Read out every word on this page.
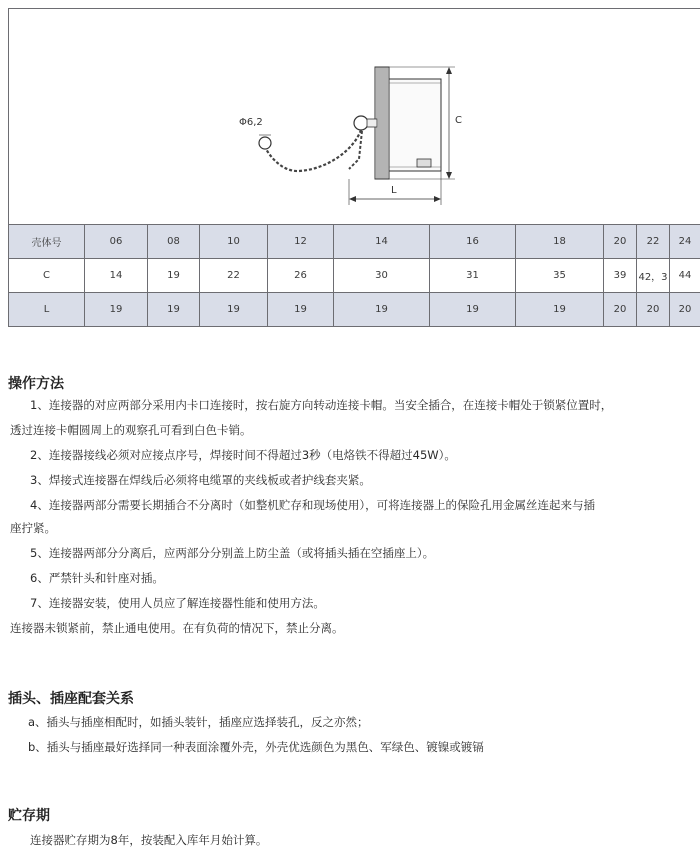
Φ6,2	C
L
壳体号	06	08	10	12	14	16	18	20	22	24
C	14	19	22	26	30	31	35	39	42，3	44
L	19	19	19	19	19	19	19	20	20	20
操作方法
1、连接器的对应两部分采用内卡口连接时，按右旋方向转动连接卡帽。当安全插合，在连接卡帽处于锁紧位置时，
透过连接卡帽圆周上的观察孔可看到白色卡销。
2、连接器接线必须对应接点序号，焊接时间不得超过3秒（电烙铁不得超过45W）。
3、焊接式连接器在焊线后必须将电缆罩的夹线板或者护线套夹紧。
4、连接器两部分需要长期插合不分离时（如整机贮存和现场使用），可将连接器上的保险孔用金属丝连起来与插
座拧紧。
5、连接器两部分分离后，应两部分分别盖上防尘盖（或将插头插在空插座上）。
6、严禁针头和针座对插。
7、连接器安装，使用人员应了解连接器性能和使用方法。
连接器未锁紧前，禁止通电使用。在有负荷的情况下，禁止分离。
插头、插座配套关系
a、插头与插座相配时，如插头装针，插座应选择装孔，反之亦然；
b、插头与插座最好选择同一种表面涂覆外壳，外壳优选颜色为黑色、军绿色、镀镍或镀镉
贮存期
连接器贮存期为8年，按装配入库年月始计算。
